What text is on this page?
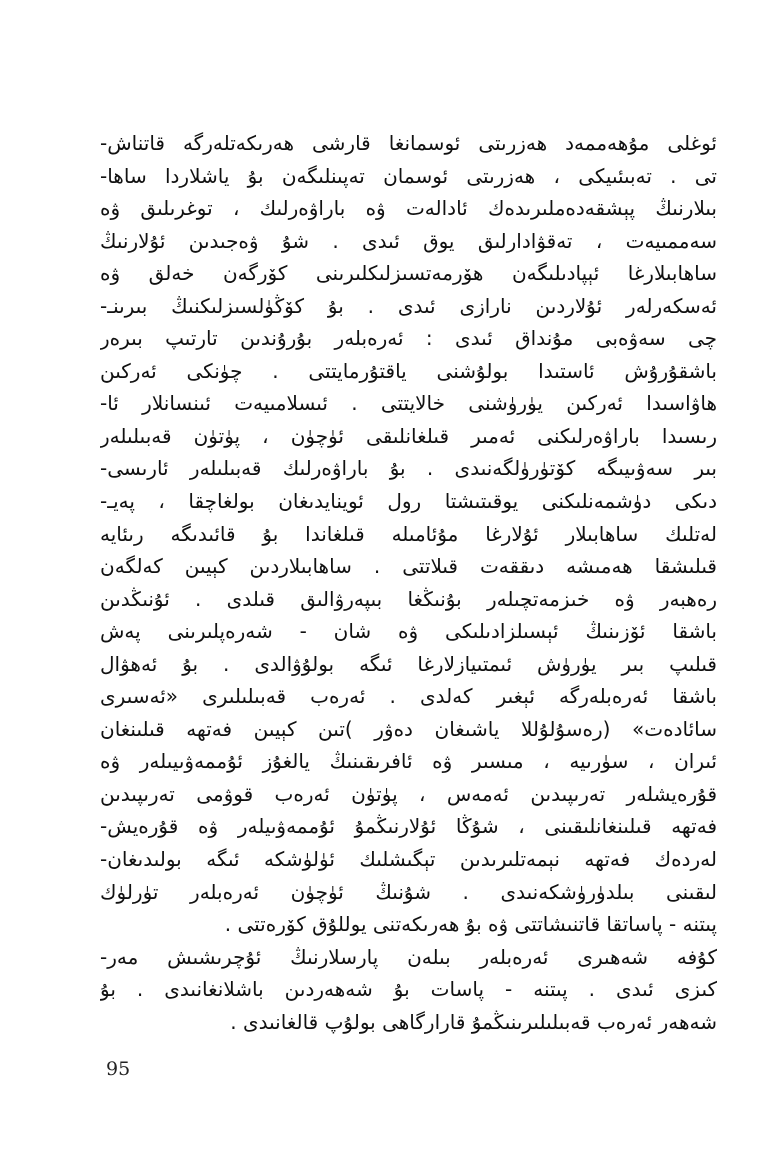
ئوغلى مۇھەممەد ھەزرىتى ئوسمانغا قارشى ھەرىكەتلەرگە قاتناش-
تى . تەبىئىيكى ، ھەزرىتى ئوسمان تەپىنلىگەن بۇ ياشلاردا ساھا-
بىلارنىڭ پېشقەدەملىرىدەك ئادالەت ۋە باراۋەرلىك ، توغرىلىق ۋە
سەممىيەت ، تەقۋادارلىق يوق ئىدى . شۇ ۋەجىدىن ئۇلارنىڭ
ساھابىلارغا ئېپادىلىگەن ھۆرمەتسىزلىكلىرىنى كۆرگەن خەلق ۋە
ئەسكەرلەر ئۇلاردىن نارازى ئىدى . بۇ كۆڭۈلسىزلىكنىڭ بىرىنـ-
چى سەۋەبى مۇنداق ئىدى : ئەرەبلەر بۇرۇندىن تارتىپ بىرەر
باشقۇرۇش ئاستىدا بولۇشنى ياقتۇرمايتتى . چۈنكى ئەركىن
ھاۋاسىدا ئەركىن يۈرۈشنى خالايتتى . ئىسلامىيەت ئىنسانلار ئا-
رىسىدا باراۋەرلىكنى ئەمىر قىلغانلىقى ئۈچۈن ، پۈتۈن قەبىلىلەر
بىر سەۋىيىگە كۆتۈرۈلگەنىدى . بۇ باراۋەرلىك قەبىلىلەر ئارىسى-
دىكى دۈشمەنلىكنى يوقىتىشتا رول ئوينايدىغان بولغاچقا ، پەيـ-
لەتلىك ساھابىلار ئۇلارغا مۇئامىلە قىلغاندا بۇ قائىدىگە رىئايە
قىلىشقا ھەمىشە دىققەت قىلاتتى . ساھابىلاردىن كېيىن كەلگەن
رەھبەر ۋە خىزمەتچىلەر بۇنىڭغا بىپەرۋالىق قىلدى . ئۇنىڭدىن
باشقا ئۆزىنىڭ ئېسىلزادىلىكى ۋە شان - شەرەپلىرىنى پەش
قىلىپ بىر يۈرۈش ئىمتىيازلارغا ئىگە بولۇۋالدى . بۇ ئەھۋال
باشقا ئەرەبلەرگە ئېغىر كەلدى . ئەرەب قەبىلىلىرى «ئەسىرى
سائادەت» (رەسۇلۇللا ياشىغان دەۋر )تىن كېيىن فەتھە قىلىنغان
ئىران ، سۈرىيە ، مىسىر ۋە ئافرىقىنىڭ يالغۇز ئۇممەۋىيىلەر ۋە
قۇرەيشلەر تەرىپىدىن ئەمەس ، پۈتۈن ئەرەب قوۋمى تەرىپىدىن
فەتھە قىلىنغانلىقىنى ، شۇڭا ئۇلارنىڭمۇ ئۇممەۋىيلەر ۋە قۇرەيش-
لەردەك فەتھە نېمەتلىرىدىن تېگىشلىك ئۈلۈشكە ئىگە بولىدىغان-
لىقىنى بىلدۈرۈشكەنىدى . شۇنىڭ ئۈچۈن ئەرەبلەر تۈرلۈك
پىتنە - پاساتقا قاتنىشاتتى ۋە بۇ ھەرىكەتنى يوللۇق كۆرەتتى .
كۇفە شەھىرى ئەرەبلەر بىلەن پارسلارنىڭ ئۇچرىشىش مەر-
كىزى ئىدى . پىتنە - پاسات بۇ شەھەردىن باشلانغانىدى . بۇ
شەھەر ئەرەب قەبىلىلىرىنىڭمۇ قارارگاھى بولۇپ قالغانىدى .
95
